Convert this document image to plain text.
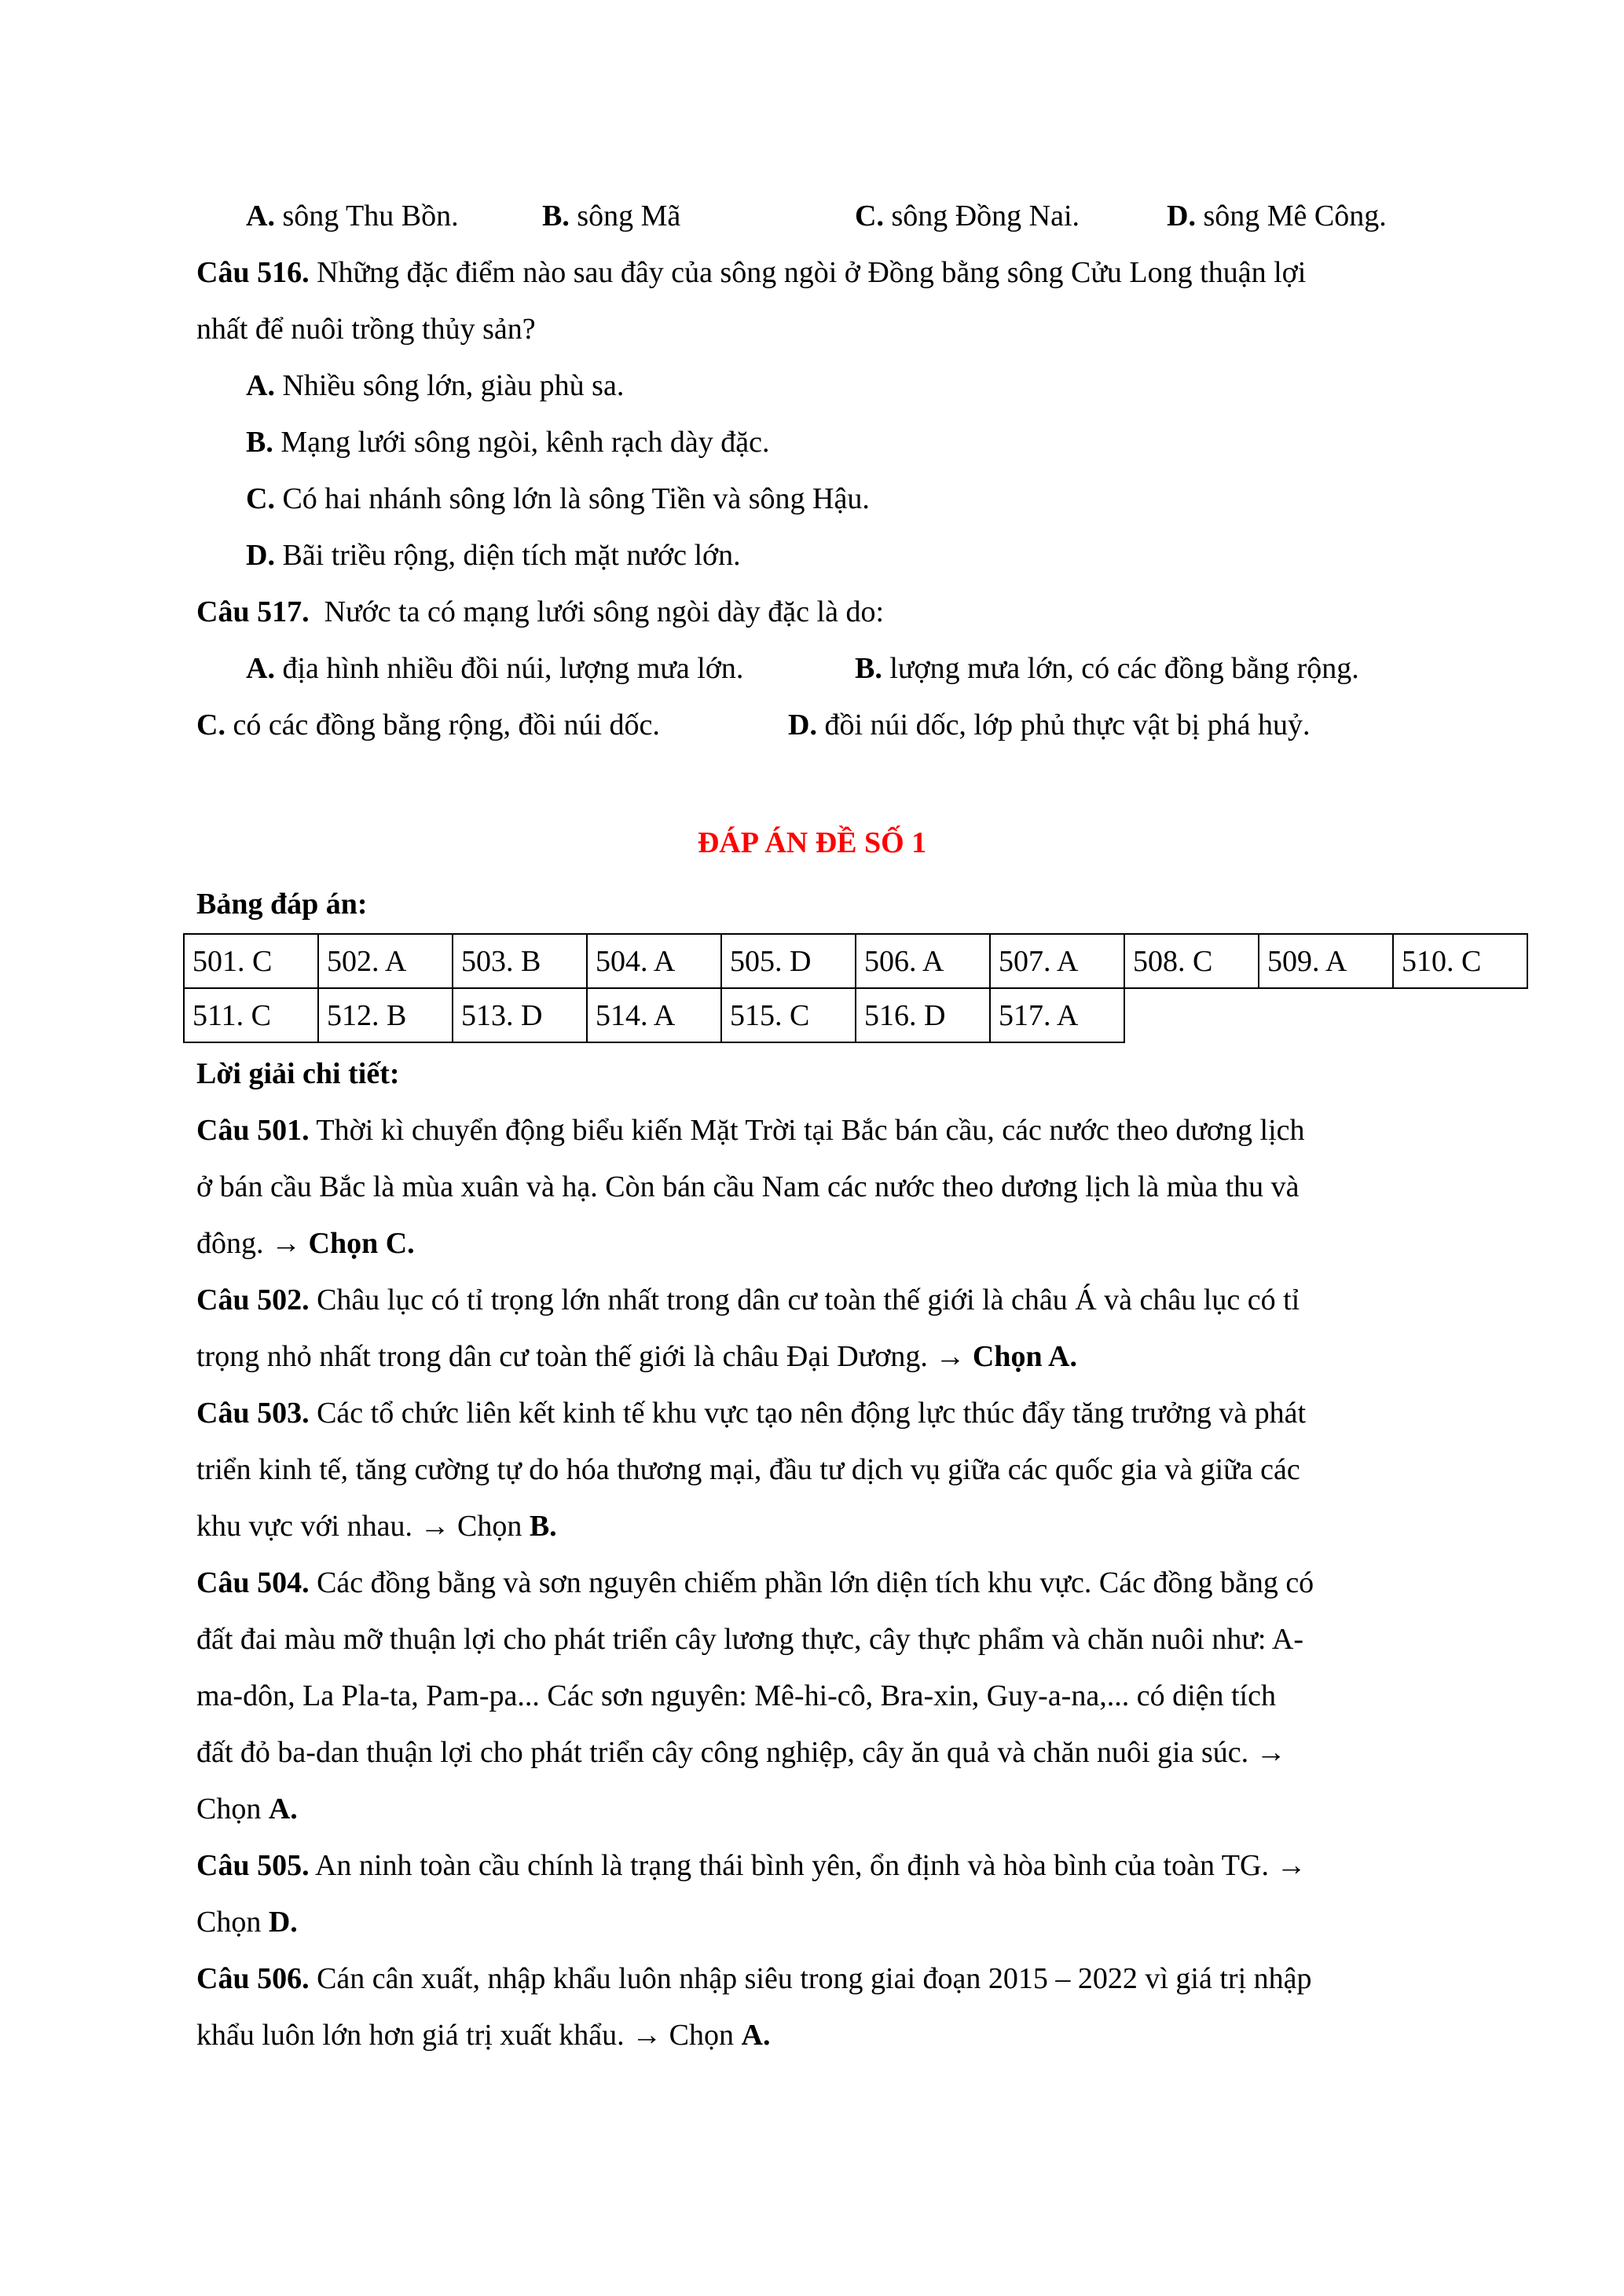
A. sông Thu Bồn.	B. sông Mã	C. sông Đồng Nai.	D. sông Mê Công.
Câu 516. Những đặc điểm nào sau đây của sông ngòi ở Đồng bằng sông Cửu Long thuận lợi
nhất để nuôi trồng thủy sản?
A. Nhiều sông lớn, giàu phù sa.
B. Mạng lưới sông ngòi, kênh rạch dày đặc.
C. Có hai nhánh sông lớn là sông Tiền và sông Hậu.
D. Bãi triều rộng, diện tích mặt nước lớn.
Câu 517.  Nước ta có mạng lưới sông ngòi dày đặc là do:
A. địa hình nhiều đồi núi, lượng mưa lớn.	B. lượng mưa lớn, có các đồng bằng rộng.
C. có các đồng bằng rộng, đồi núi dốc.	D. đồi núi dốc, lớp phủ thực vật bị phá huỷ.
ĐÁP ÁN ĐỀ SỐ 1
Bảng đáp án:
501. C	502. A	503. B	504. A	505. D	506. A	507. A	508. C	509. A	510. C
511. C	512. B	513. D	514. A	515. C	516. D	517. A			
Lời giải chi tiết:
Câu 501. Thời kì chuyển động biểu kiến Mặt Trời tại Bắc bán cầu, các nước theo dương lịch
ở bán cầu Bắc là mùa xuân và hạ. Còn bán cầu Nam các nước theo dương lịch là mùa thu và
đông. → Chọn C.
Câu 502. Châu lục có tỉ trọng lớn nhất trong dân cư toàn thế giới là châu Á và châu lục có tỉ
trọng nhỏ nhất trong dân cư toàn thế giới là châu Đại Dương. → Chọn A.
Câu 503. Các tổ chức liên kết kinh tế khu vực tạo nên động lực thúc đẩy tăng trưởng và phát
triển kinh tế, tăng cường tự do hóa thương mại, đầu tư dịch vụ giữa các quốc gia và giữa các
khu vực với nhau. → Chọn B.
Câu 504. Các đồng bằng và sơn nguyên chiếm phần lớn diện tích khu vực. Các đồng bằng có
đất đai màu mỡ thuận lợi cho phát triển cây lương thực, cây thực phẩm và chăn nuôi như: A-
ma-dôn, La Pla-ta, Pam-pa... Các sơn nguyên: Mê-hi-cô, Bra-xin, Guy-a-na,... có diện tích
đất đỏ ba-dan thuận lợi cho phát triển cây công nghiệp, cây ăn quả và chăn nuôi gia súc. →
Chọn A.
Câu 505. An ninh toàn cầu chính là trạng thái bình yên, ổn định và hòa bình của toàn TG. →
Chọn D.
Câu 506. Cán cân xuất, nhập khẩu luôn nhập siêu trong giai đoạn 2015 – 2022 vì giá trị nhập
khẩu luôn lớn hơn giá trị xuất khẩu. → Chọn A.
